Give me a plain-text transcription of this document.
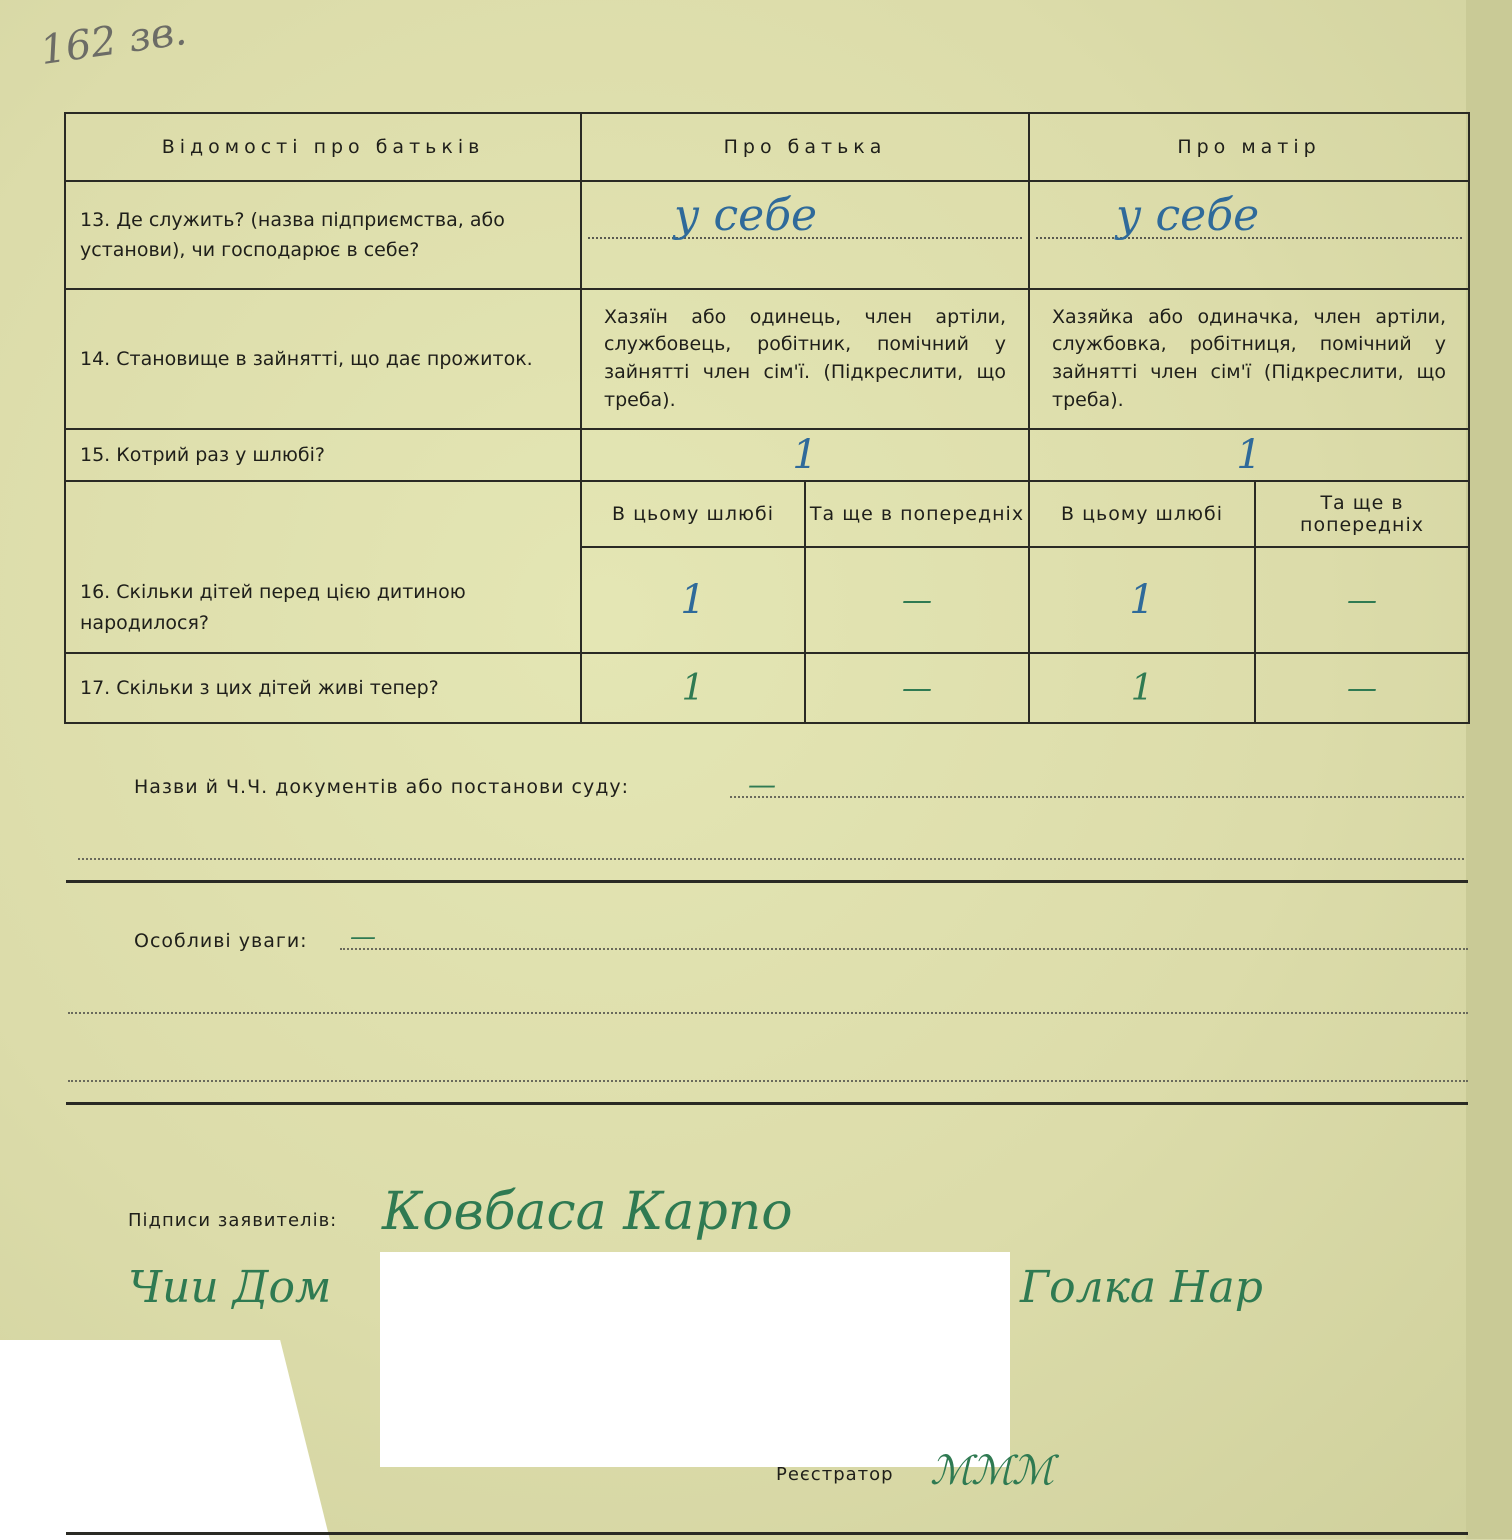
162 зв.
Відомості про батьків	Про батька		Про матір	
13. Де служить? (назва підприємства, або установи), чи господарює в себе?	у себе		у себе	

14. Становище в зайнятті, що дає прожиток.	Хазяїн або одинець, член артіли, службовець, робітник, помічний у зайнятті член сім'ї. (Підкреслити, що треба).		Хазяйка або одиначка, член артіли, службовка, робітниця, помічний у зайнятті член сім'ї (Підкреслити, що треба).	
15. Котрий раз у шлюбі?	1		1	
16. Скільки дітей перед цією дитиною народилося?	В цьому шлюбі	Та ще в попередніх	В цьому шлюбі	Та ще в попередніх
	1	—	1	—
17. Скільки з цих дітей живі тепер?	1	—	1	—
Назви й Ч.Ч. документів або постанови суду:	—
Особливі уваги: —
Підписи заявителів: Ковбаса Карпо
Чии Дом	Голка Нар
Реєстратор ℳℳℳ
